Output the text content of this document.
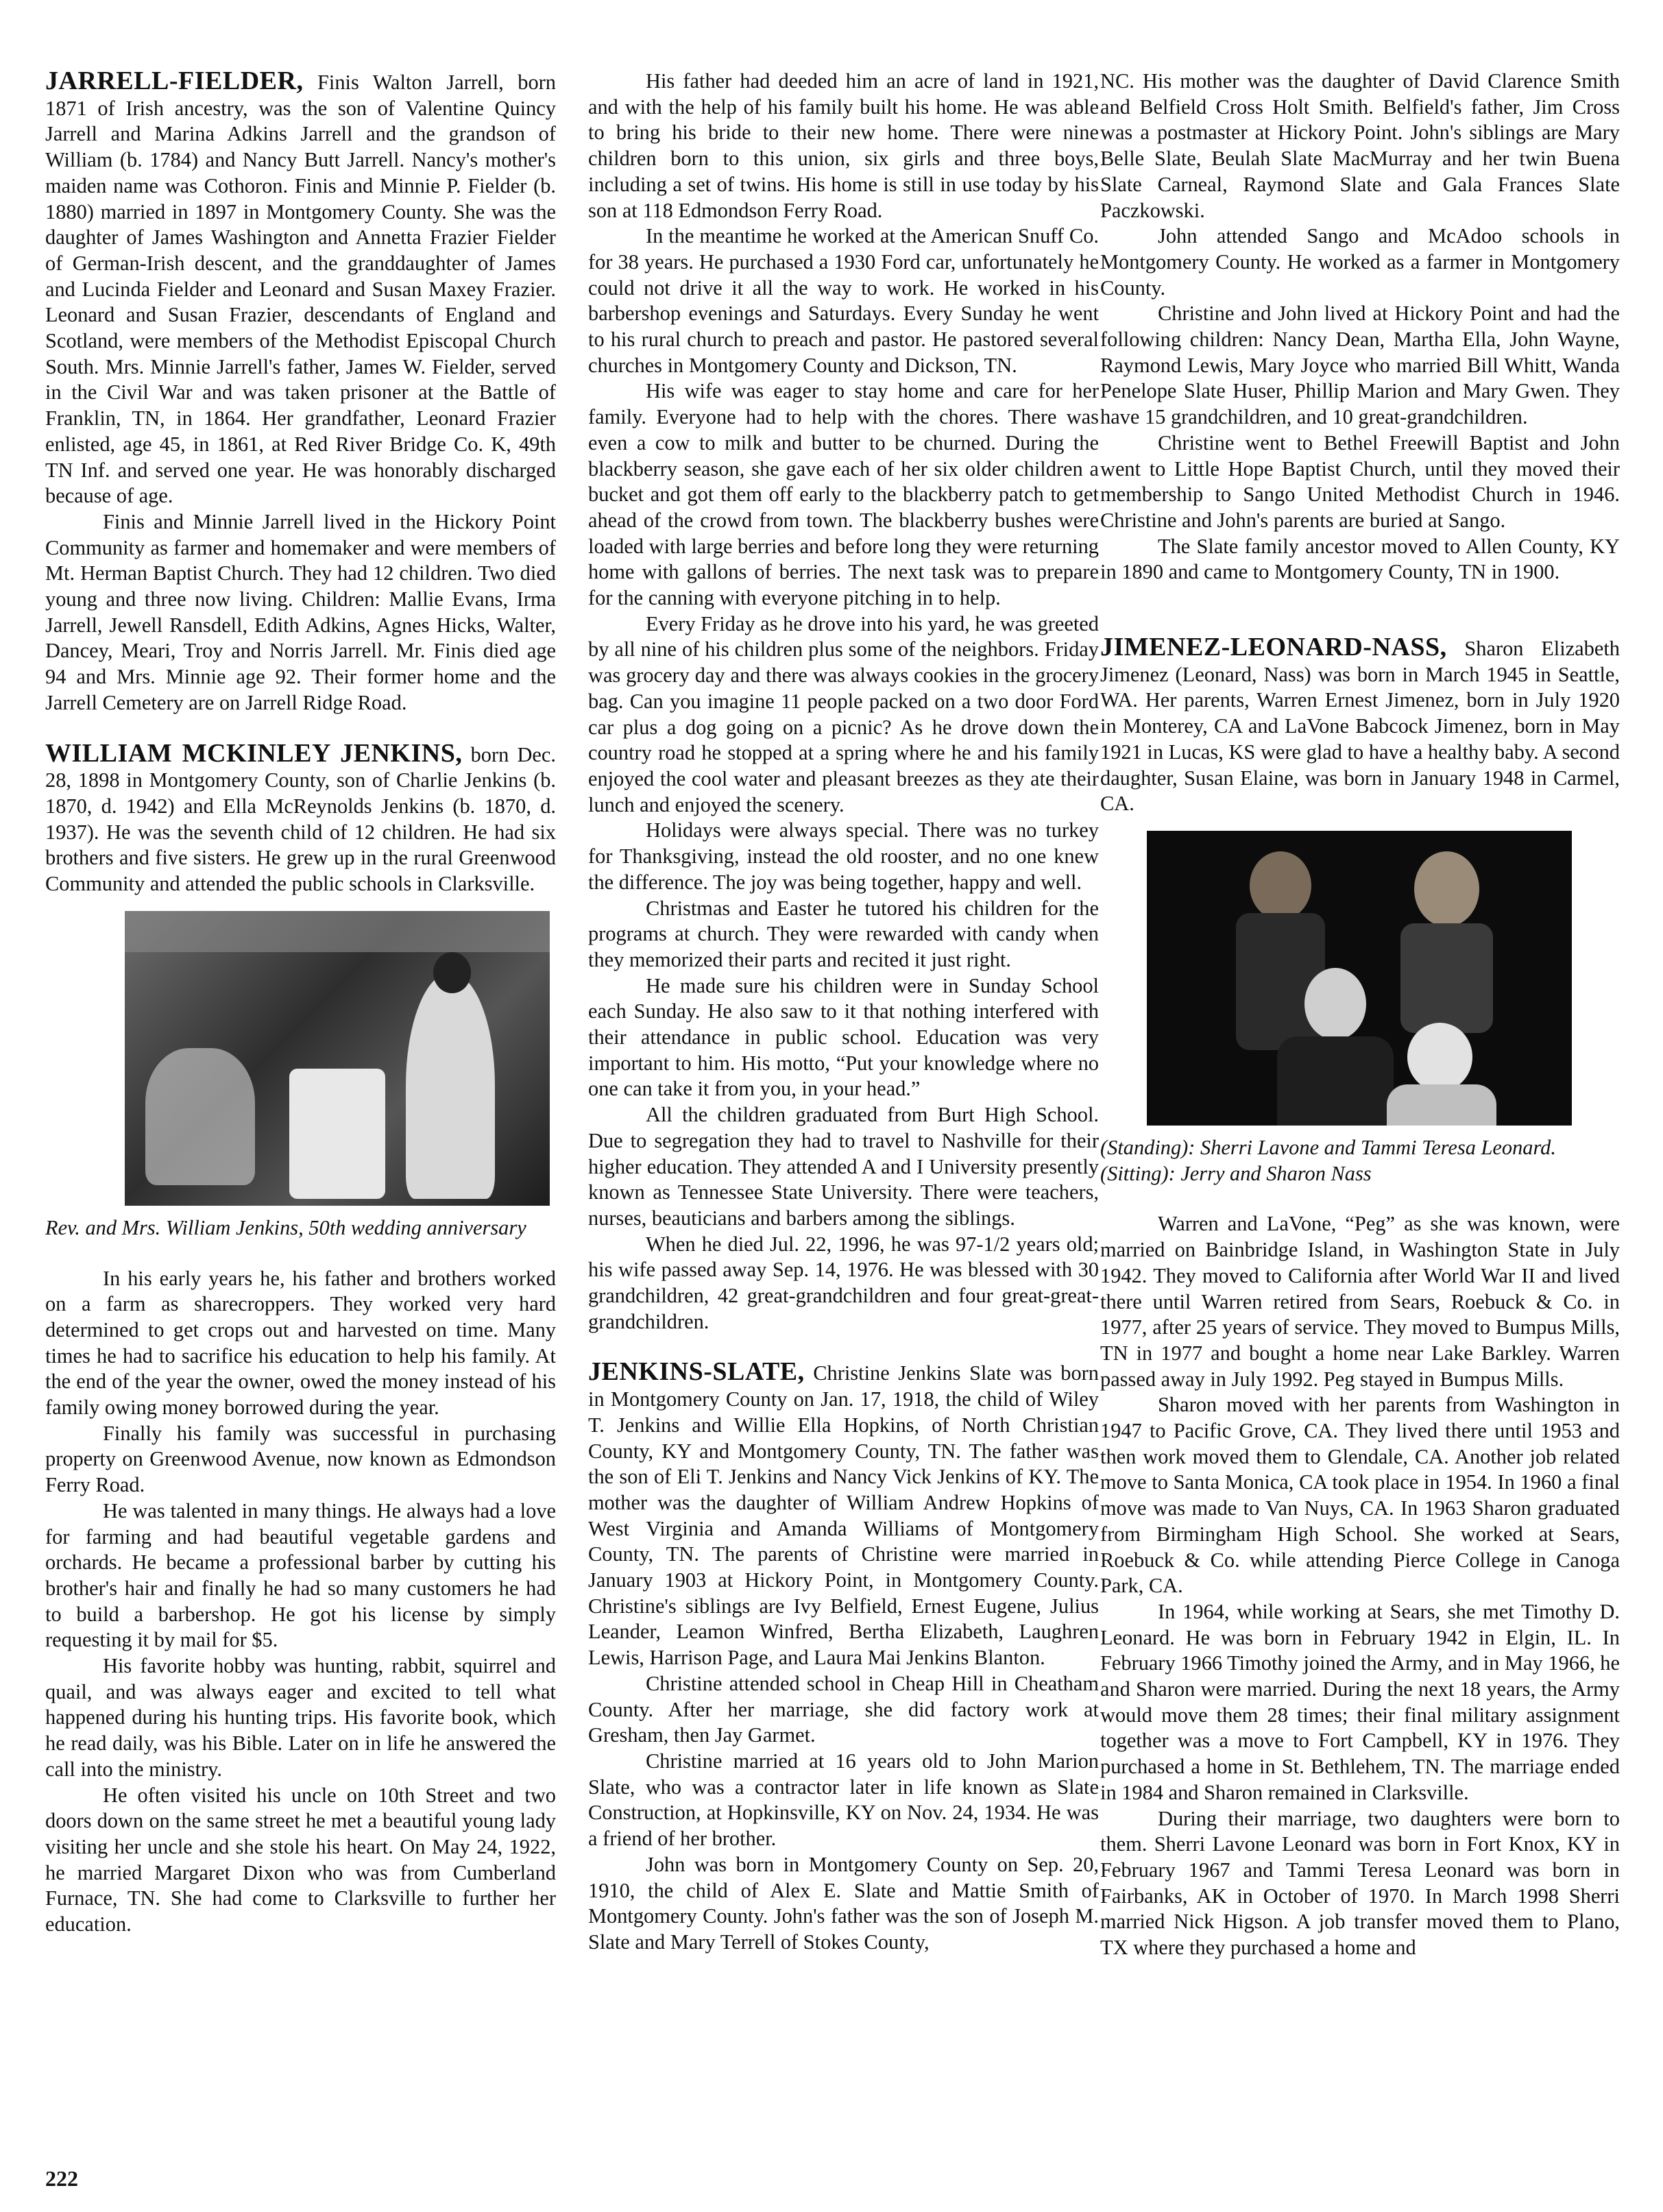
JARRELL-FIELDER, Finis Walton Jarrell, born 1871 of Irish ancestry, was the son of Valentine Quincy Jarrell and Marina Adkins Jarrell and the grandson of William (b. 1784) and Nancy Butt Jarrell. Nancy's mother's maiden name was Cothoron. Finis and Minnie P. Fielder (b. 1880) married in 1897 in Montgomery County. She was the daughter of James Washington and Annetta Frazier Fielder of German-Irish descent, and the granddaughter of James and Lucinda Fielder and Leonard and Susan Maxey Frazier. Leonard and Susan Frazier, descendants of England and Scotland, were members of the Methodist Episcopal Church South. Mrs. Minnie Jarrell's father, James W. Fielder, served in the Civil War and was taken prisoner at the Battle of Franklin, TN, in 1864. Her grandfather, Leonard Frazier enlisted, age 45, in 1861, at Red River Bridge Co. K, 49th TN Inf. and served one year. He was honorably discharged because of age.

Finis and Minnie Jarrell lived in the Hickory Point Community as farmer and homemaker and were members of Mt. Herman Baptist Church. They had 12 children. Two died young and three now living. Children: Mallie Evans, Irma Jarrell, Jewell Ransdell, Edith Adkins, Agnes Hicks, Walter, Dancey, Meari, Troy and Norris Jarrell. Mr. Finis died age 94 and Mrs. Minnie age 92. Their former home and the Jarrell Cemetery are on Jarrell Ridge Road.

WILLIAM MCKINLEY JENKINS, born Dec. 28, 1898 in Montgomery County, son of Charlie Jenkins (b. 1870, d. 1942) and Ella McReynolds Jenkins (b. 1870, d. 1937). He was the seventh child of 12 children. He had six brothers and five sisters. He grew up in the rural Greenwood Community and attended the public schools in Clarksville.

Rev. and Mrs. William Jenkins, 50th wedding anniversary

In his early years he, his father and brothers worked on a farm as sharecroppers. They worked very hard determined to get crops out and harvested on time. Many times he had to sacrifice his education to help his family. At the end of the year the owner, owed the money instead of his family owing money borrowed during the year.

Finally his family was successful in purchasing property on Greenwood Avenue, now known as Edmondson Ferry Road.

He was talented in many things. He always had a love for farming and had beautiful vegetable gardens and orchards. He became a professional barber by cutting his brother's hair and finally he had so many customers he had to build a barbershop. He got his license by simply requesting it by mail for $5.

His favorite hobby was hunting, rabbit, squirrel and quail, and was always eager and excited to tell what happened during his hunting trips. His favorite book, which he read daily, was his Bible. Later on in life he answered the call into the ministry.

He often visited his uncle on 10th Street and two doors down on the same street he met a beautiful young lady visiting her uncle and she stole his heart. On May 24, 1922, he married Margaret Dixon who was from Cumberland Furnace, TN. She had come to Clarksville to further her education.

His father had deeded him an acre of land in 1921, and with the help of his family built his home. He was able to bring his bride to their new home. There were nine children born to this union, six girls and three boys, including a set of twins. His home is still in use today by his son at 118 Edmondson Ferry Road.

In the meantime he worked at the American Snuff Co. for 38 years. He purchased a 1930 Ford car, unfortunately he could not drive it all the way to work. He worked in his barbershop evenings and Saturdays. Every Sunday he went to his rural church to preach and pastor. He pastored several churches in Montgomery County and Dickson, TN.

His wife was eager to stay home and care for her family. Everyone had to help with the chores. There was even a cow to milk and butter to be churned. During the blackberry season, she gave each of her six older children a bucket and got them off early to the blackberry patch to get ahead of the crowd from town. The blackberry bushes were loaded with large berries and before long they were returning home with gallons of berries. The next task was to prepare for the canning with everyone pitching in to help.

Every Friday as he drove into his yard, he was greeted by all nine of his children plus some of the neighbors. Friday was grocery day and there was always cookies in the grocery bag. Can you imagine 11 people packed on a two door Ford car plus a dog going on a picnic? As he drove down the country road he stopped at a spring where he and his family enjoyed the cool water and pleasant breezes as they ate their lunch and enjoyed the scenery.

Holidays were always special. There was no turkey for Thanksgiving, instead the old rooster, and no one knew the difference. The joy was being together, happy and well.

Christmas and Easter he tutored his children for the programs at church. They were rewarded with candy when they memorized their parts and recited it just right.

He made sure his children were in Sunday School each Sunday. He also saw to it that nothing interfered with their attendance in public school. Education was very important to him. His motto, “Put your knowledge where no one can take it from you, in your head.”

All the children graduated from Burt High School. Due to segregation they had to travel to Nashville for their higher education. They attended A and I University presently known as Tennessee State University. There were teachers, nurses, beauticians and barbers among the siblings.

When he died Jul. 22, 1996, he was 97-1/2 years old; his wife passed away Sep. 14, 1976. He was blessed with 30 grandchildren, 42 great-grandchildren and four great-great-grandchildren.

JENKINS-SLATE, Christine Jenkins Slate was born in Montgomery County on Jan. 17, 1918, the child of Wiley T. Jenkins and Willie Ella Hopkins, of North Christian County, KY and Montgomery County, TN. The father was the son of Eli T. Jenkins and Nancy Vick Jenkins of KY. The mother was the daughter of William Andrew Hopkins of West Virginia and Amanda Williams of Montgomery County, TN. The parents of Christine were married in January 1903 at Hickory Point, in Montgomery County. Christine's siblings are Ivy Belfield, Ernest Eugene, Julius Leander, Leamon Winfred, Bertha Elizabeth, Laughren Lewis, Harrison Page, and Laura Mai Jenkins Blanton.

Christine attended school in Cheap Hill in Cheatham County. After her marriage, she did factory work at Gresham, then Jay Garmet.

Christine married at 16 years old to John Marion Slate, who was a contractor later in life known as Slate Construction, at Hopkinsville, KY on Nov. 24, 1934. He was a friend of her brother.

John was born in Montgomery County on Sep. 20, 1910, the child of Alex E. Slate and Mattie Smith of Montgomery County. John's father was the son of Joseph M. Slate and Mary Terrell of Stokes County,

NC. His mother was the daughter of David Clarence Smith and Belfield Cross Holt Smith. Belfield's father, Jim Cross was a postmaster at Hickory Point. John's siblings are Mary Belle Slate, Beulah Slate MacMurray and her twin Buena Slate Carneal, Raymond Slate and Gala Frances Slate Paczkowski.

John attended Sango and McAdoo schools in Montgomery County. He worked as a farmer in Montgomery County.

Christine and John lived at Hickory Point and had the following children: Nancy Dean, Martha Ella, John Wayne, Raymond Lewis, Mary Joyce who married Bill Whitt, Wanda Penelope Slate Huser, Phillip Marion and Mary Gwen. They have 15 grandchildren, and 10 great-grandchildren.

Christine went to Bethel Freewill Baptist and John went to Little Hope Baptist Church, until they moved their membership to Sango United Methodist Church in 1946. Christine and John's parents are buried at Sango.

The Slate family ancestor moved to Allen County, KY in 1890 and came to Montgomery County, TN in 1900.

JIMENEZ-LEONARD-NASS, Sharon Elizabeth Jimenez (Leonard, Nass) was born in March 1945 in Seattle, WA. Her parents, Warren Ernest Jimenez, born in July 1920 in Monterey, CA and LaVone Babcock Jimenez, born in May 1921 in Lucas, KS were glad to have a healthy baby. A second daughter, Susan Elaine, was born in January 1948 in Carmel, CA.

(Standing): Sherri Lavone and Tammi Teresa Leonard.

(Sitting): Jerry and Sharon Nass

Warren and LaVone, “Peg” as she was known, were married on Bainbridge Island, in Washington State in July 1942. They moved to California after World War II and lived there until Warren retired from Sears, Roebuck & Co. in 1977, after 25 years of service. They moved to Bumpus Mills, TN in 1977 and bought a home near Lake Barkley. Warren passed away in July 1992. Peg stayed in Bumpus Mills.

Sharon moved with her parents from Washington in 1947 to Pacific Grove, CA. They lived there until 1953 and then work moved them to Glendale, CA. Another job related move to Santa Monica, CA took place in 1954. In 1960 a final move was made to Van Nuys, CA. In 1963 Sharon graduated from Birmingham High School. She worked at Sears, Roebuck & Co. while attending Pierce College in Canoga Park, CA.

In 1964, while working at Sears, she met Timothy D. Leonard. He was born in February 1942 in Elgin, IL. In February 1966 Timothy joined the Army, and in May 1966, he and Sharon were married. During the next 18 years, the Army would move them 28 times; their final military assignment together was a move to Fort Campbell, KY in 1976. They purchased a home in St. Bethlehem, TN. The marriage ended in 1984 and Sharon remained in Clarksville.

During their marriage, two daughters were born to them. Sherri Lavone Leonard was born in Fort Knox, KY in February 1967 and Tammi Teresa Leonard was born in Fairbanks, AK in October of 1970. In March 1998 Sherri married Nick Higson. A job transfer moved them to Plano, TX where they purchased a home and

222
